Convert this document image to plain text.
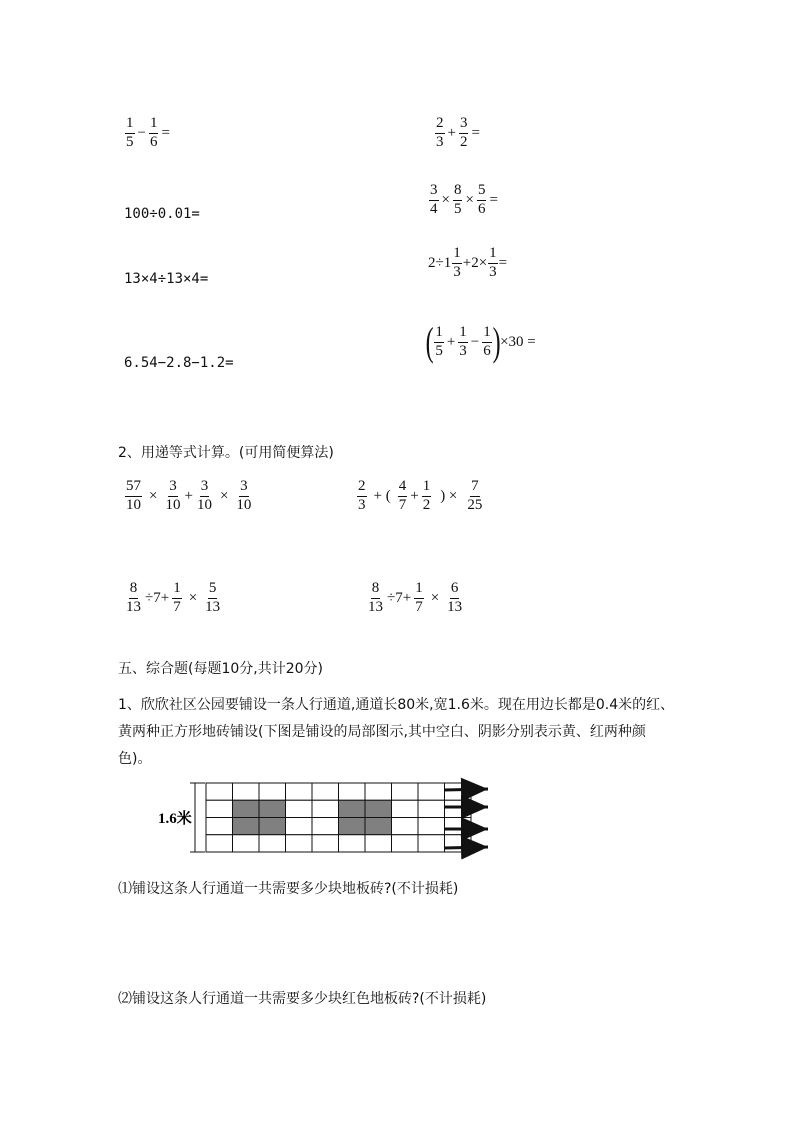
$\frac{1}{5} - \frac{1}{6}$ =	$\frac{2}{3} + \frac{3}{2}$ =
$\frac{3}{4} \times \frac{8}{5} \times \frac{5}{6}$ =
100÷0.01=
$2\div 1 \frac{1}{3} +2\times \frac{1}{3}$ =
13×4÷13×4=
( $\frac{1}{5} + \frac{1}{3} - \frac{1}{6}$ ) ×30 =
6.54−2.8−1.2=
2、用递等式计算。(可用简便算法)
$\frac{57}{10} \times \frac{3}{10} + \frac{3}{10} \times \frac{3}{10}$	$\frac{2}{3}$ + ( $\frac{4}{7} + \frac{1}{2}$ ) × $\frac{7}{25}$
$\frac{8}{13} \div 7+ \frac{1}{7} \times \frac{5}{13}$	$\frac{8}{13} \div 7+ \frac{1}{7} \times \frac{6}{13}$
五、综合题(每题10分,共计20分)
1、欣欣社区公园要铺设一条人行通道,通道长80米,宽1.6米。现在用边长都是0.4米的红、黄两种正方形地砖铺设(下图是铺设的局部图示,其中空白、阴影分别表示黄、红两种颜色)。
1.6米
⑴铺设这条人行通道一共需要多少块地板砖?(不计损耗)
⑵铺设这条人行通道一共需要多少块红色地板砖?(不计损耗)
